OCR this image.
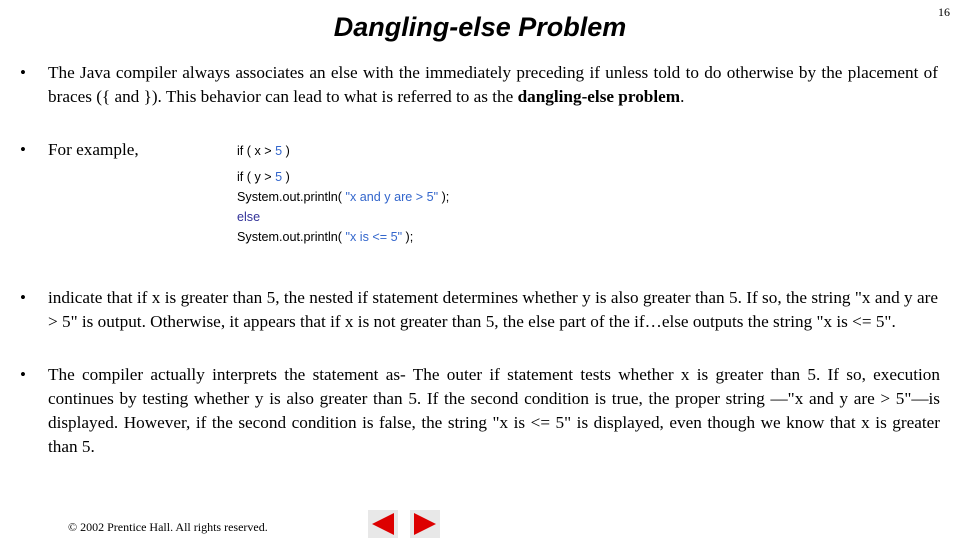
16
Dangling-else Problem
• The Java compiler always associates an else with the immediately preceding if unless told to do otherwise by the placement of braces ({ and }). This behavior can lead to what is referred to as the dangling-else problem.
• For example,	if ( x > 5 )
if ( y > 5 )
System.out.println( "x and y are > 5" );
else
System.out.println( "x is <= 5" );
• indicate that if x is greater than 5, the nested if statement determines whether y is also greater than 5. If so, the string "x and y are > 5" is output. Otherwise, it appears that if x is not greater than 5, the else part of the if…else outputs the string "x is <= 5".
• The compiler actually interprets the statement as- The outer if statement tests whether x is greater than 5. If so, execution continues by testing whether y is also greater than 5. If the second condition is true, the proper string —"x and y are > 5"—is displayed. However, if the second condition is false, the string "x is <= 5" is displayed, even though we know that x is greater than 5.
© 2002 Prentice Hall. All rights reserved.
